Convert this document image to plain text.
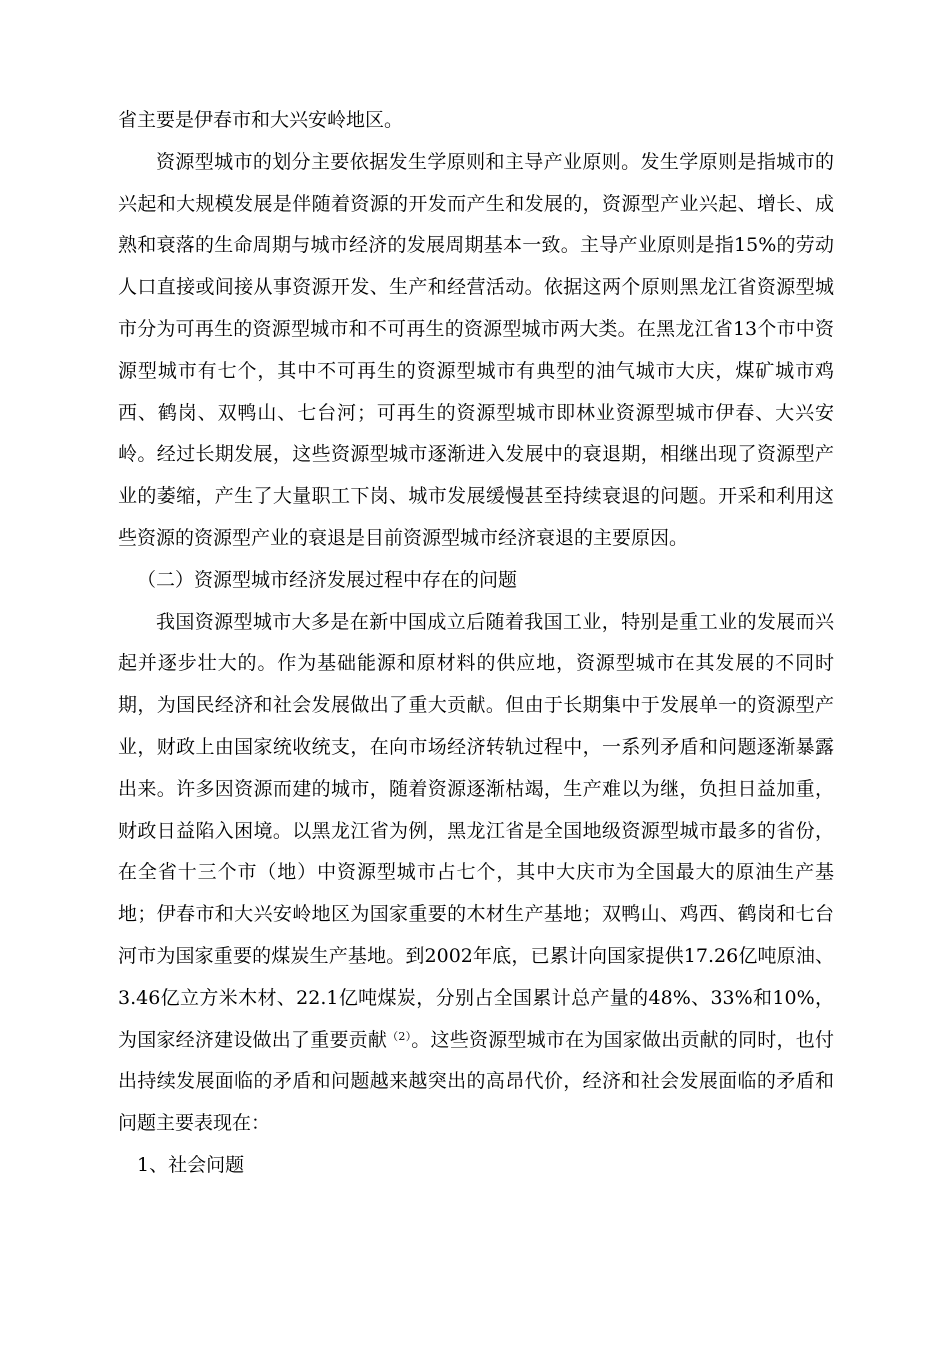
省主要是伊春市和大兴安岭地区。

资源型城市的划分主要依据发生学原则和主导产业原则。发生学原则是指城市的兴起和大规模发展是伴随着资源的开发而产生和发展的，资源型产业兴起、增长、成熟和衰落的生命周期与城市经济的发展周期基本一致。主导产业原则是指15%的劳动人口直接或间接从事资源开发、生产和经营活动。依据这两个原则黑龙江省资源型城市分为可再生的资源型城市和不可再生的资源型城市两大类。在黑龙江省13个市中资源型城市有七个，其中不可再生的资源型城市有典型的油气城市大庆，煤矿城市鸡西、鹤岗、双鸭山、七台河；可再生的资源型城市即林业资源型城市伊春、大兴安岭。经过长期发展，这些资源型城市逐渐进入发展中的衰退期，相继出现了资源型产业的萎缩，产生了大量职工下岗、城市发展缓慢甚至持续衰退的问题。开采和利用这些资源的资源型产业的衰退是目前资源型城市经济衰退的主要原因。

（二）资源型城市经济发展过程中存在的问题

我国资源型城市大多是在新中国成立后随着我国工业，特别是重工业的发展而兴起并逐步壮大的。作为基础能源和原材料的供应地，资源型城市在其发展的不同时期，为国民经济和社会发展做出了重大贡献。但由于长期集中于发展单一的资源型产业，财政上由国家统收统支，在向市场经济转轨过程中，一系列矛盾和问题逐渐暴露出来。许多因资源而建的城市，随着资源逐渐枯竭，生产难以为继，负担日益加重，财政日益陷入困境。以黑龙江省为例，黑龙江省是全国地级资源型城市最多的省份，在全省十三个市（地）中资源型城市占七个，其中大庆市为全国最大的原油生产基地；伊春市和大兴安岭地区为国家重要的木材生产基地；双鸭山、鸡西、鹤岗和七台河市为国家重要的煤炭生产基地。到2002年底，已累计向国家提供17.26亿吨原油、3.46亿立方米木材、22.1亿吨煤炭，分别占全国累计总产量的48%、33%和10%，为国家经济建设做出了重要贡献$^{(2)}$。这些资源型城市在为国家做出贡献的同时，也付出持续发展面临的矛盾和问题越来越突出的高昂代价，经济和社会发展面临的矛盾和问题主要表现在：

1、社会问题
